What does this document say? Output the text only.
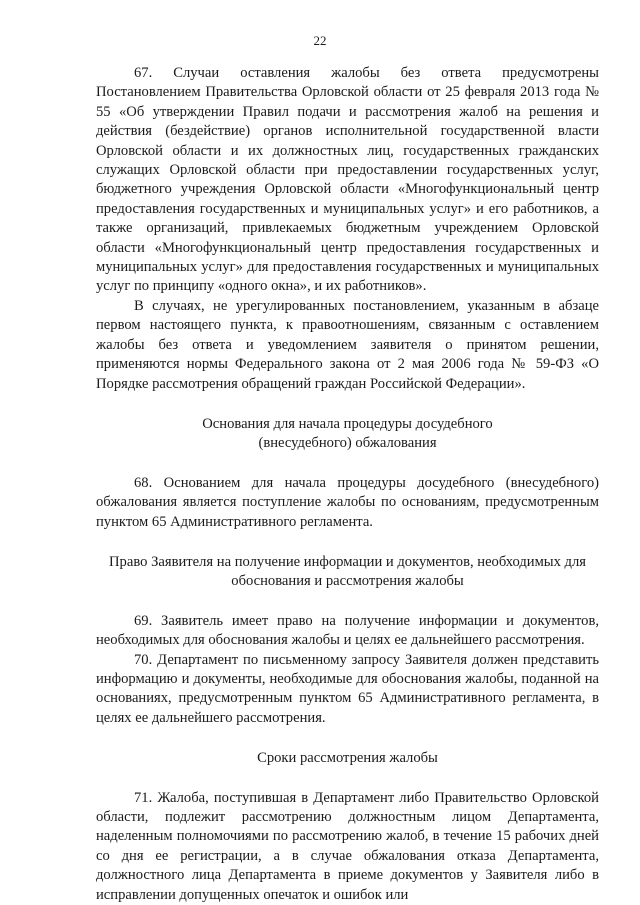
22

67. Случаи оставления жалобы без ответа предусмотрены Постановлением Правительства Орловской области от 25 февраля 2013 года № 55 «Об утверждении Правил подачи и рассмотрения жалоб на решения и действия (бездействие) органов исполнительной государственной власти Орловской области и их должностных лиц, государственных гражданских служащих Орловской области при предоставлении государственных услуг, бюджетного учреждения Орловской области «Многофункциональный центр предоставления государственных и муниципальных услуг» и его работников, а также организаций, привлекаемых бюджетным учреждением Орловской области «Многофункциональный центр предоставления государственных и муниципальных услуг» для предоставления государственных и муниципальных услуг по принципу «одного окна», и их работников».

В случаях, не урегулированных постановлением, указанным в абзаце первом настоящего пункта, к правоотношениям, связанным с оставлением жалобы без ответа и уведомлением заявителя о принятом решении, применяются нормы Федерального закона от 2 мая 2006 года № 59-ФЗ «О Порядке рассмотрения обращений граждан Российской Федерации».

Основания для начала процедуры досудебного

(внесудебного) обжалования

68. Основанием для начала процедуры досудебного (внесудебного) обжалования является поступление жалобы по основаниям, предусмотренным пунктом 65 Административного регламента.

Право Заявителя на получение информации и документов, необходимых для

обоснования и рассмотрения жалобы

69. Заявитель имеет право на получение информации и документов, необходимых для обоснования жалобы и целях ее дальнейшего рассмотрения.

70. Департамент по письменному запросу Заявителя должен представить информацию и документы, необходимые для обоснования жалобы, поданной на основаниях, предусмотренным пунктом 65 Административного регламента, в целях ее дальнейшего рассмотрения.

Сроки рассмотрения жалобы

71. Жалоба, поступившая в Департамент либо Правительство Орловской области, подлежит рассмотрению должностным лицом Департамента, наделенным полномочиями по рассмотрению жалоб, в течение 15 рабочих дней со дня ее регистрации, а в случае обжалования отказа Департамента, должностного лица Департамента в приеме документов у Заявителя либо в исправлении допущенных опечаток и ошибок или
